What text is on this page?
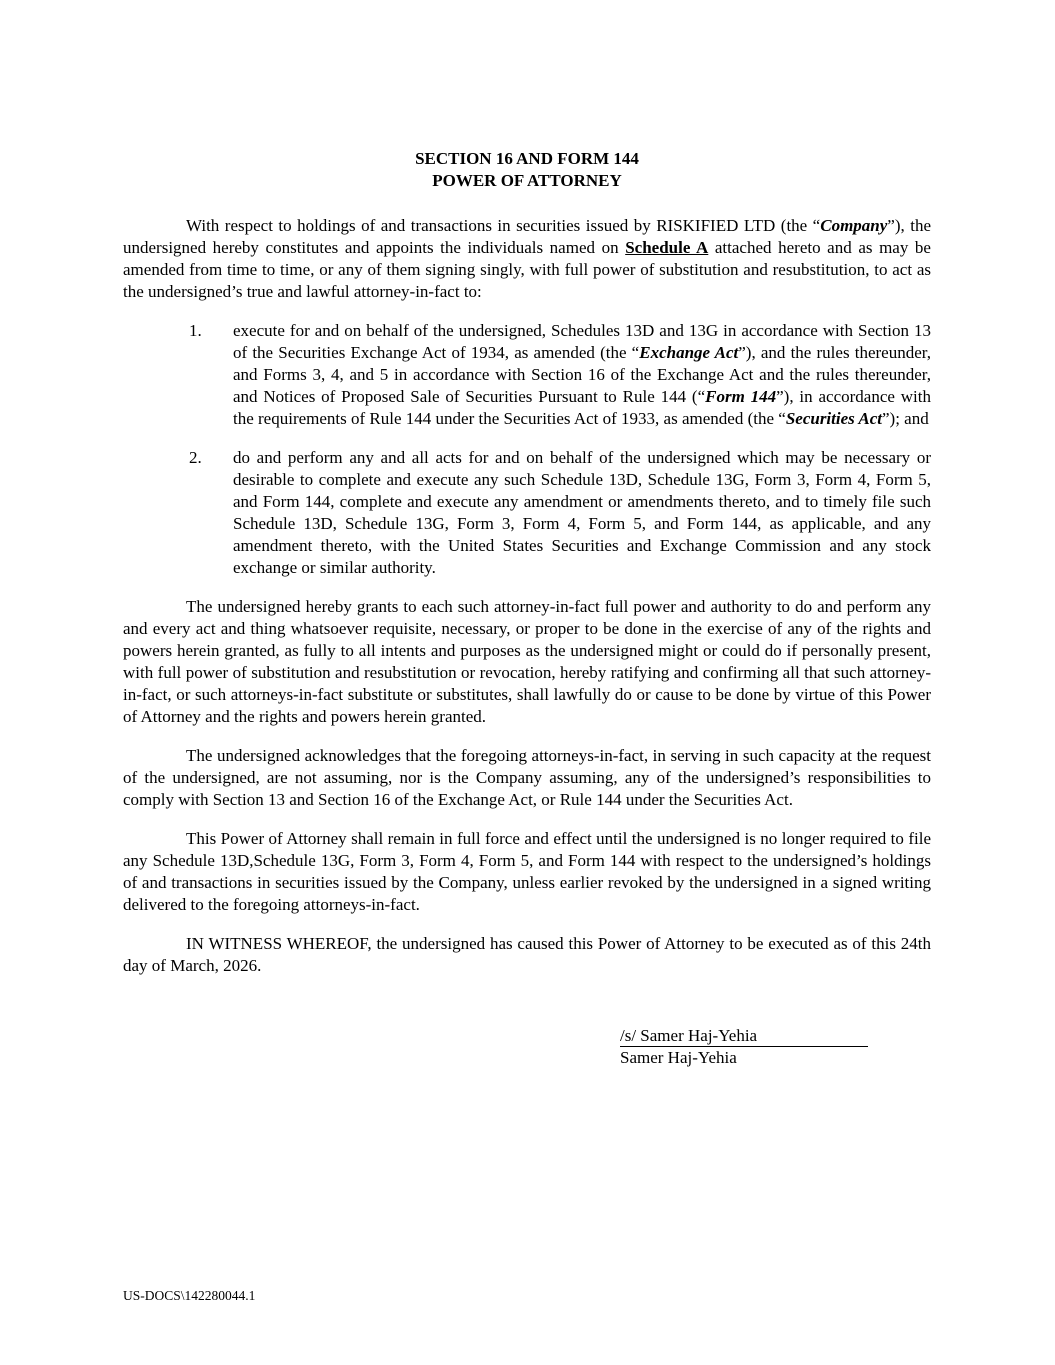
SECTION 16 AND FORM 144
POWER OF ATTORNEY

With respect to holdings of and transactions in securities issued by RISKIFIED LTD (the “Company”), the undersigned hereby constitutes and appoints the individuals named on Schedule A attached hereto and as may be amended from time to time, or any of them signing singly, with full power of substitution and resubstitution, to act as the undersigned’s true and lawful attorney-in-fact to:

1. execute for and on behalf of the undersigned, Schedules 13D and 13G in accordance with Section 13 of the Securities Exchange Act of 1934, as amended (the “Exchange Act”), and the rules thereunder, and Forms 3, 4, and 5 in accordance with Section 16 of the Exchange Act and the rules thereunder, and Notices of Proposed Sale of Securities Pursuant to Rule 144 (“Form 144”), in accordance with the requirements of Rule 144 under the Securities Act of 1933, as amended (the “Securities Act”); and
2. do and perform any and all acts for and on behalf of the undersigned which may be necessary or desirable to complete and execute any such Schedule 13D, Schedule 13G, Form 3, Form 4, Form 5, and Form 144, complete and execute any amendment or amendments thereto, and to timely file such Schedule 13D, Schedule 13G, Form 3, Form 4, Form 5, and Form 144, as applicable, and any amendment thereto, with the United States Securities and Exchange Commission and any stock exchange or similar authority.

The undersigned hereby grants to each such attorney-in-fact full power and authority to do and perform any and every act and thing whatsoever requisite, necessary, or proper to be done in the exercise of any of the rights and powers herein granted, as fully to all intents and purposes as the undersigned might or could do if personally present, with full power of substitution and resubstitution or revocation, hereby ratifying and confirming all that such attorney-in-fact, or such attorneys-in-fact substitute or substitutes, shall lawfully do or cause to be done by virtue of this Power of Attorney and the rights and powers herein granted.

The undersigned acknowledges that the foregoing attorneys-in-fact, in serving in such capacity at the request of the undersigned, are not assuming, nor is the Company assuming, any of the undersigned’s responsibilities to comply with Section 13 and Section 16 of the Exchange Act, or Rule 144 under the Securities Act.

This Power of Attorney shall remain in full force and effect until the undersigned is no longer required to file any Schedule 13D,Schedule 13G, Form 3, Form 4, Form 5, and Form 144 with respect to the undersigned’s holdings of and transactions in securities issued by the Company, unless earlier revoked by the undersigned in a signed writing delivered to the foregoing attorneys-in-fact.

IN WITNESS WHEREOF, the undersigned has caused this Power of Attorney to be executed as of this 24th day of March, 2026.

/s/ Samer Haj-Yehia
Samer Haj-Yehia
US-DOCS\142280044.1
